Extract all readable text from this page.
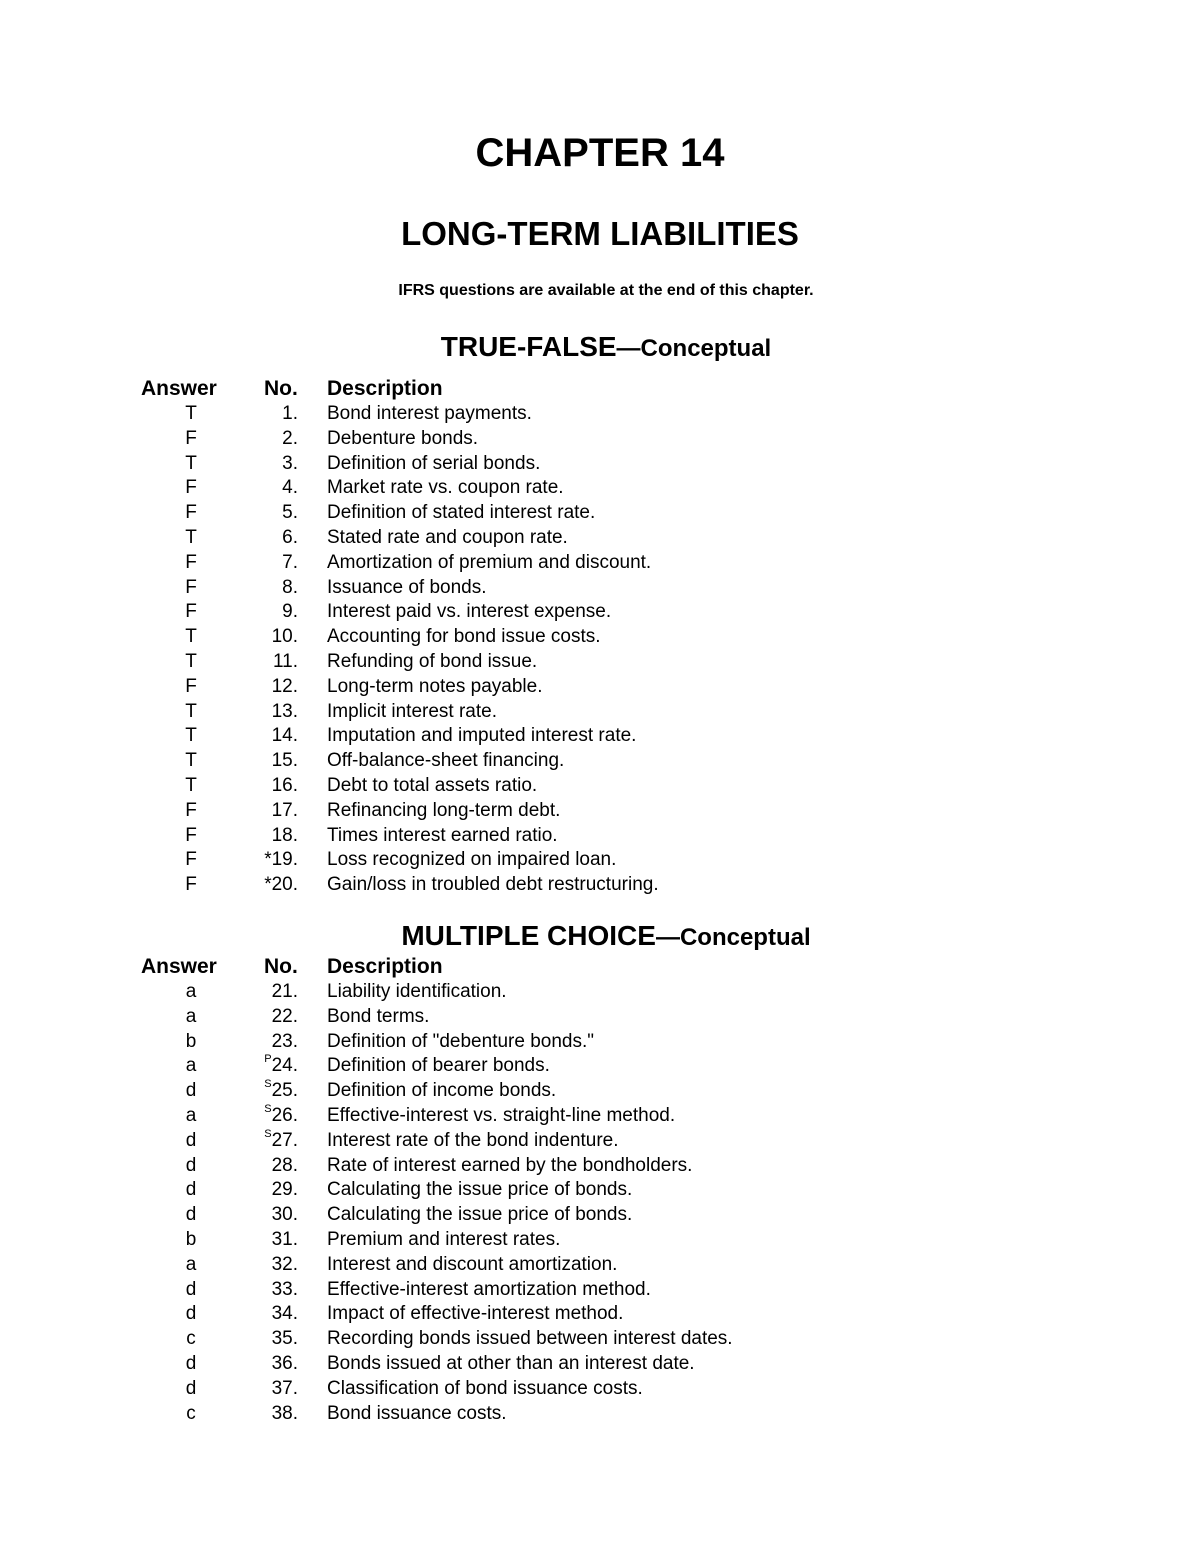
CHAPTER 14
LONG-TERM LIABILITIES
IFRS questions are available at the end of this chapter.
TRUE-FALSE—Conceptual
Answer No. Description
T	1. Bond interest payments.
F	2. Debenture bonds.
T	3. Definition of serial bonds.
F	4. Market rate vs. coupon rate.
F	5. Definition of stated interest rate.
T	6. Stated rate and coupon rate.
F	7. Amortization of premium and discount.
F	8. Issuance of bonds.
F	9. Interest paid vs. interest expense.
T	10. Accounting for bond issue costs.
T	11. Refunding of bond issue.
F	12. Long-term notes payable.
T	13. Implicit interest rate.
T	14. Imputation and imputed interest rate.
T	15. Off-balance-sheet financing.
T	16. Debt to total assets ratio.
F	17. Refinancing long-term debt.
F	18. Times interest earned ratio.
F	*19. Loss recognized on impaired loan.
F	*20. Gain/loss in troubled debt restructuring.
MULTIPLE CHOICE—Conceptual
Answer No. Description
a	21. Liability identification.
a	22. Bond terms.
b	23. Definition of "debenture bonds."
a	$^P$24. Definition of bearer bonds.
d	$^S$25. Definition of income bonds.
a	$^S$26. Effective-interest vs. straight-line method.
d	$^S$27. Interest rate of the bond indenture.
d	28. Rate of interest earned by the bondholders.
d	29. Calculating the issue price of bonds.
d	30. Calculating the issue price of bonds.
b	31. Premium and interest rates.
a	32. Interest and discount amortization.
d	33. Effective-interest amortization method.
d	34. Impact of effective-interest method.
c	35. Recording bonds issued between interest dates.
d	36. Bonds issued at other than an interest date.
d	37. Classification of bond issuance costs.
c	38. Bond issuance costs.
